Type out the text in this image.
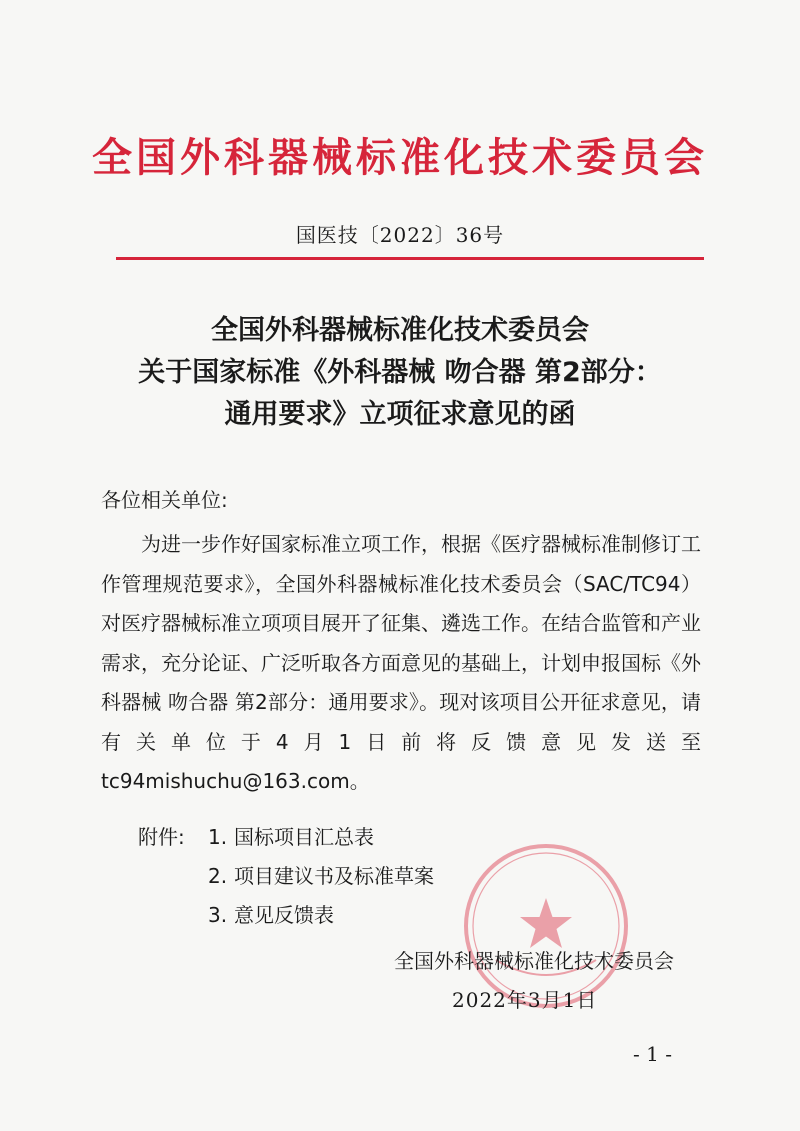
全国外科器械标准化技术委员会
国医技〔2022〕36号
全国外科器械标准化技术委员会
关于国家标准《外科器械 吻合器 第2部分：
通用要求》立项征求意见的函
各位相关单位:

为进一步作好国家标准立项工作，根据《医疗器械标准制修订工作管理规范要求》，全国外科器械标准化技术委员会（SAC/TC94）对医疗器械标准立项项目展开了征集、遴选工作。在结合监管和产业需求，充分论证、广泛听取各方面意见的基础上，计划申报国标《外科器械 吻合器 第2部分：通用要求》。现对该项目公开征求意见，请有关单位于4月1日前将反馈意见发送至tc94mishuchu@163.com。

附件: 1. 国标项目汇总表
2. 项目建议书及标准草案
3. 意见反馈表
全国外科器械标准化技术委员会
2022年3月1日
- 1 -
